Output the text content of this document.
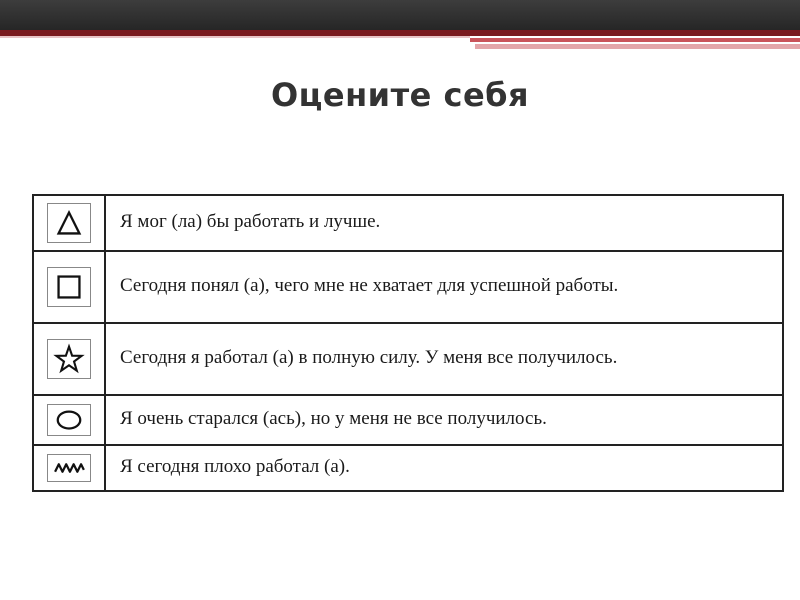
Оцените себя
	Я мог (ла) бы работать и лучше.

	Сегодня понял (а), чего мне не хватает для успешной работы.

	Сегодня я работал (а) в полную силу. У меня все получилось.

	Я очень старался (ась), но у меня не все получилось.

	Я сегодня плохо работал (а).
